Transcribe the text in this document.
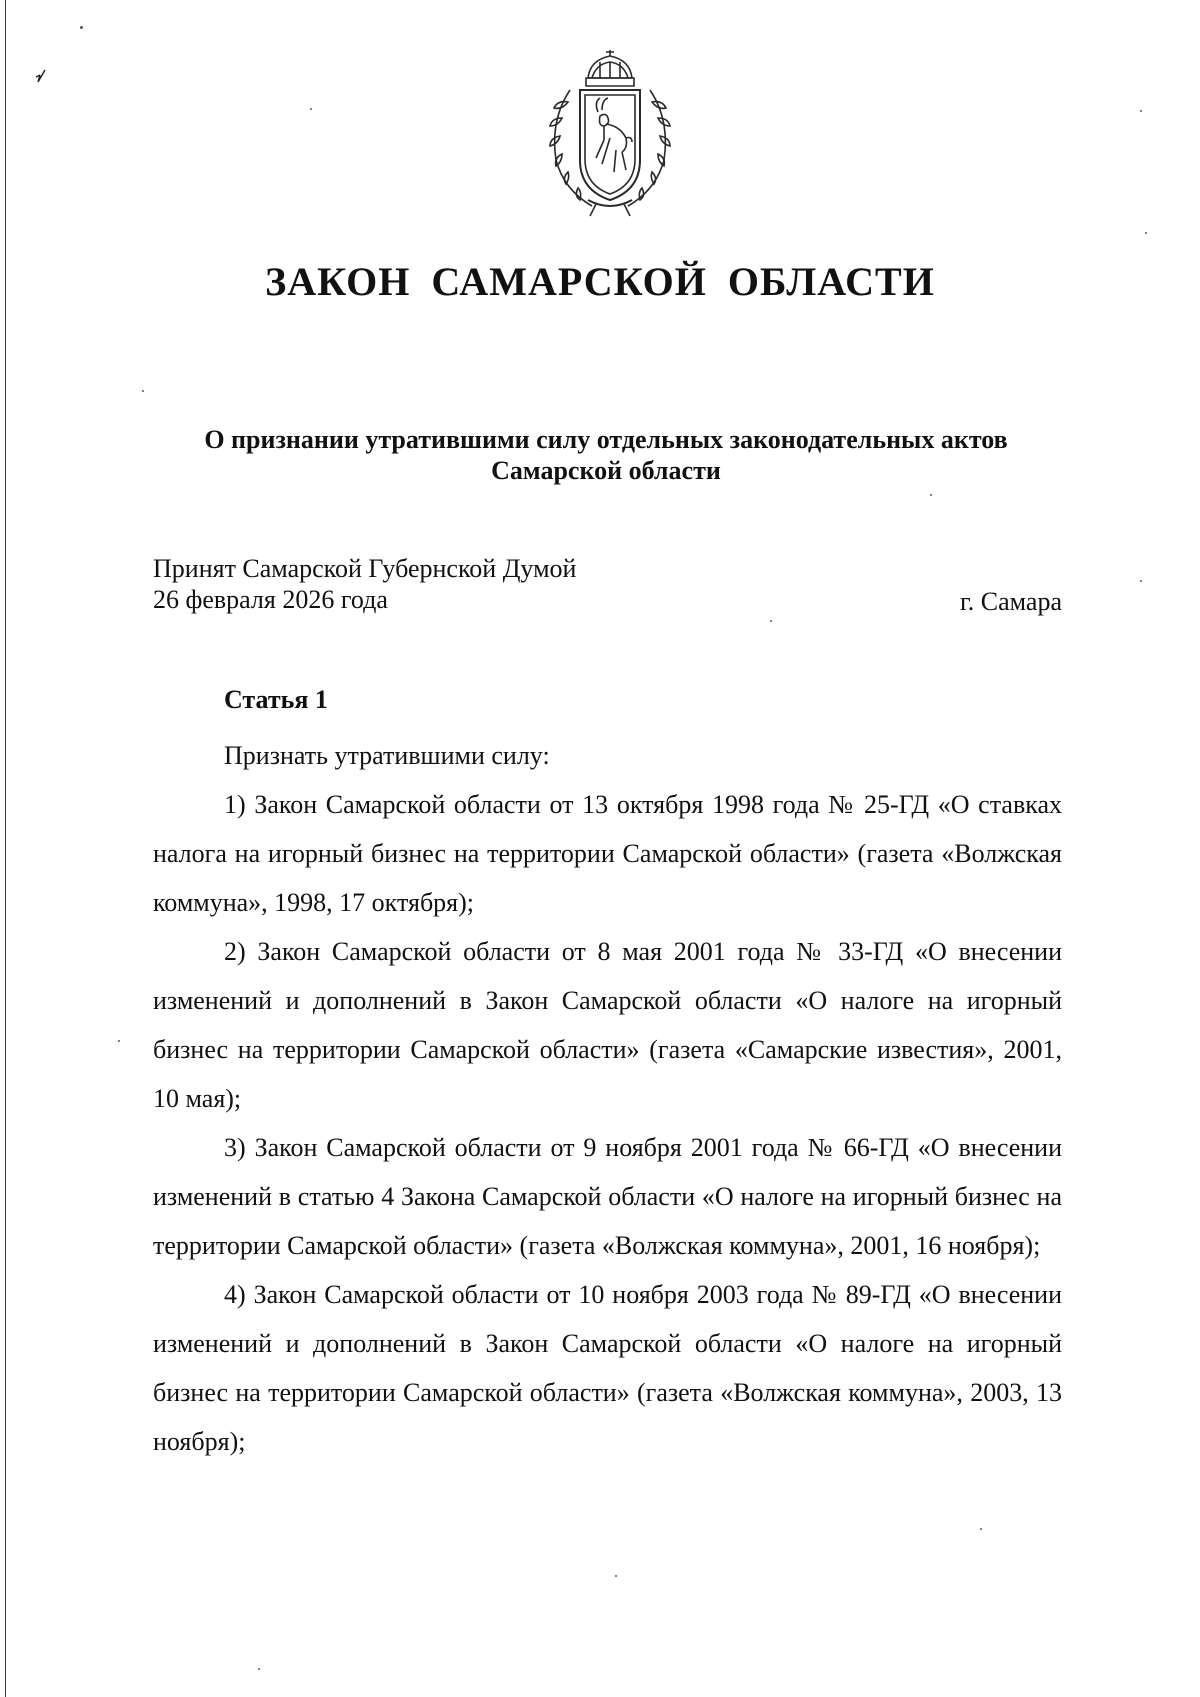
ЗАКОН САМАРСКОЙ ОБЛАСТИ
О признании утратившими силу отдельных законодательных актов
Самарской области
Принят Самарской Губернской Думой
26 февраля 2026 года	г. Самара
Статья 1

Признать утратившими силу:

1) Закон Самарской области от 13 октября 1998 года № 25-ГД «О ставках налога на игорный бизнес на территории Самарской области» (газета «Волжская коммуна», 1998, 17 октября);

2) Закон Самарской области от 8 мая 2001 года № 33-ГД «О внесении изменений и дополнений в Закон Самарской области «О налоге на игорный бизнес на территории Самарской области» (газета «Самарские известия», 2001, 10 мая);

3) Закон Самарской области от 9 ноября 2001 года № 66-ГД «О внесении изменений в статью 4 Закона Самарской области «О налоге на игорный бизнес на территории Самарской области» (газета «Волжская коммуна», 2001, 16 ноября);

4) Закон Самарской области от 10 ноября 2003 года № 89-ГД «О внесении изменений и дополнений в Закон Самарской области «О налоге на игорный бизнес на территории Самарской области» (газета «Волжская коммуна», 2003, 13 ноября);
